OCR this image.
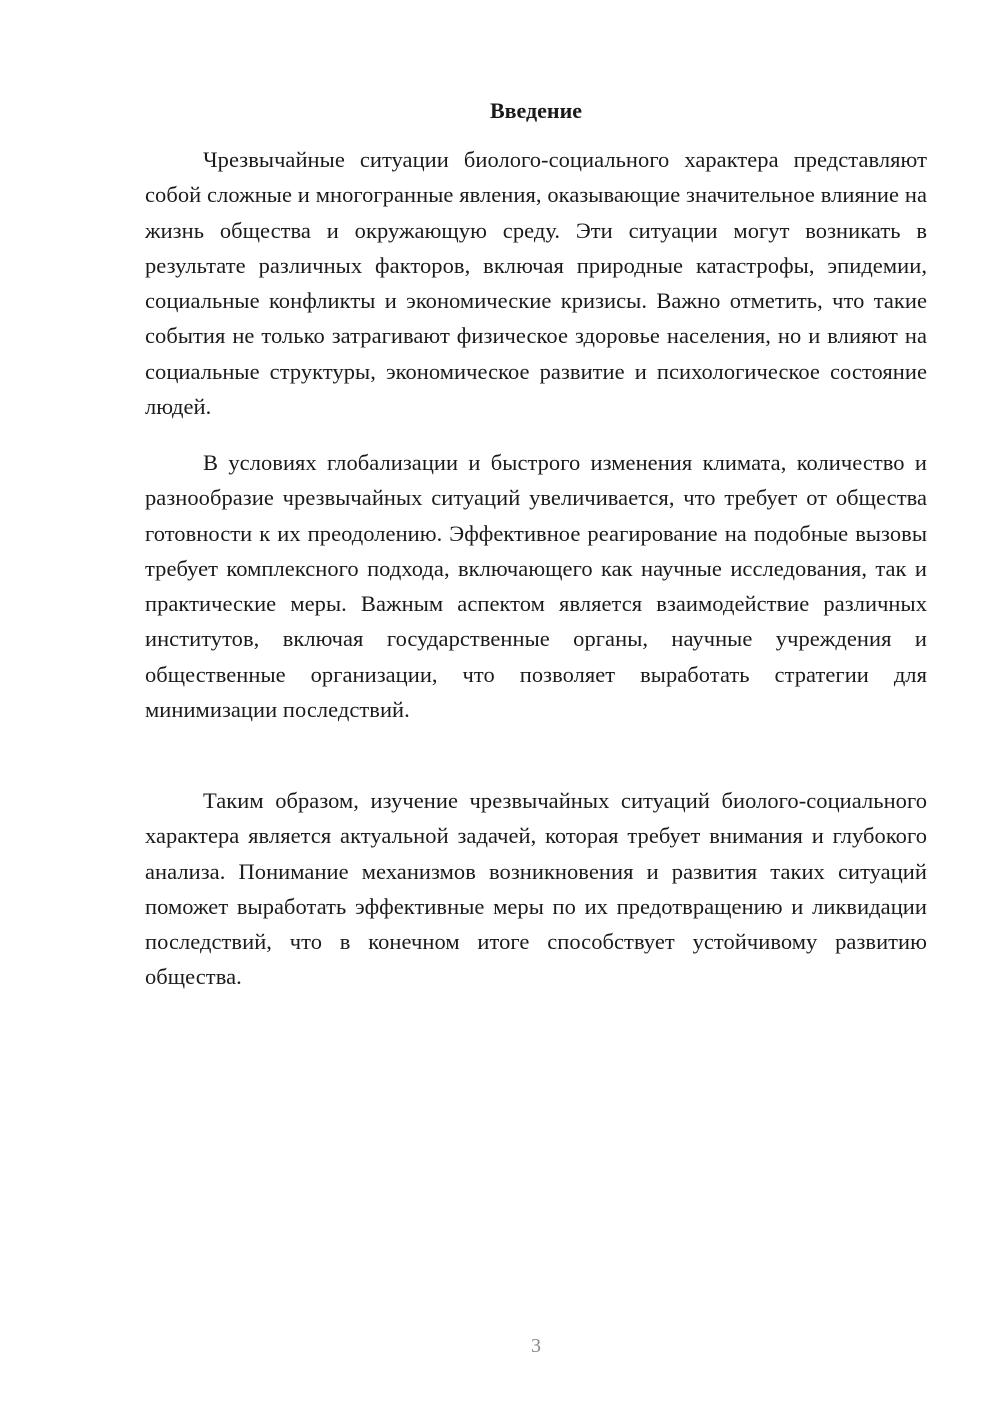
Введение

Чрезвычайные ситуации биолого-социального характера представляют собой сложные и многогранные явления, оказывающие значительное влияние на жизнь общества и окружающую среду. Эти ситуации могут возникать в результате различных факторов, включая природные катастрофы, эпидемии, социальные конфликты и экономические кризисы. Важно отметить, что такие события не только затрагивают физическое здоровье населения, но и влияют на социальные структуры, экономическое развитие и психологическое состояние людей.

В условиях глобализации и быстрого изменения климата, количество и разнообразие чрезвычайных ситуаций увеличивается, что требует от общества готовности к их преодолению. Эффективное реагирование на подобные вызовы требует комплексного подхода, включающего как научные исследования, так и практические меры. Важным аспектом является взаимодействие различных институтов, включая государственные органы, научные учреждения и общественные организации, что позволяет выработать стратегии для минимизации последствий.

Таким образом, изучение чрезвычайных ситуаций биолого-социального характера является актуальной задачей, которая требует внимания и глубокого анализа. Понимание механизмов возникновения и развития таких ситуаций поможет выработать эффективные меры по их предотвращению и ликвидации последствий, что в конечном итоге способствует устойчивому развитию общества.

3
